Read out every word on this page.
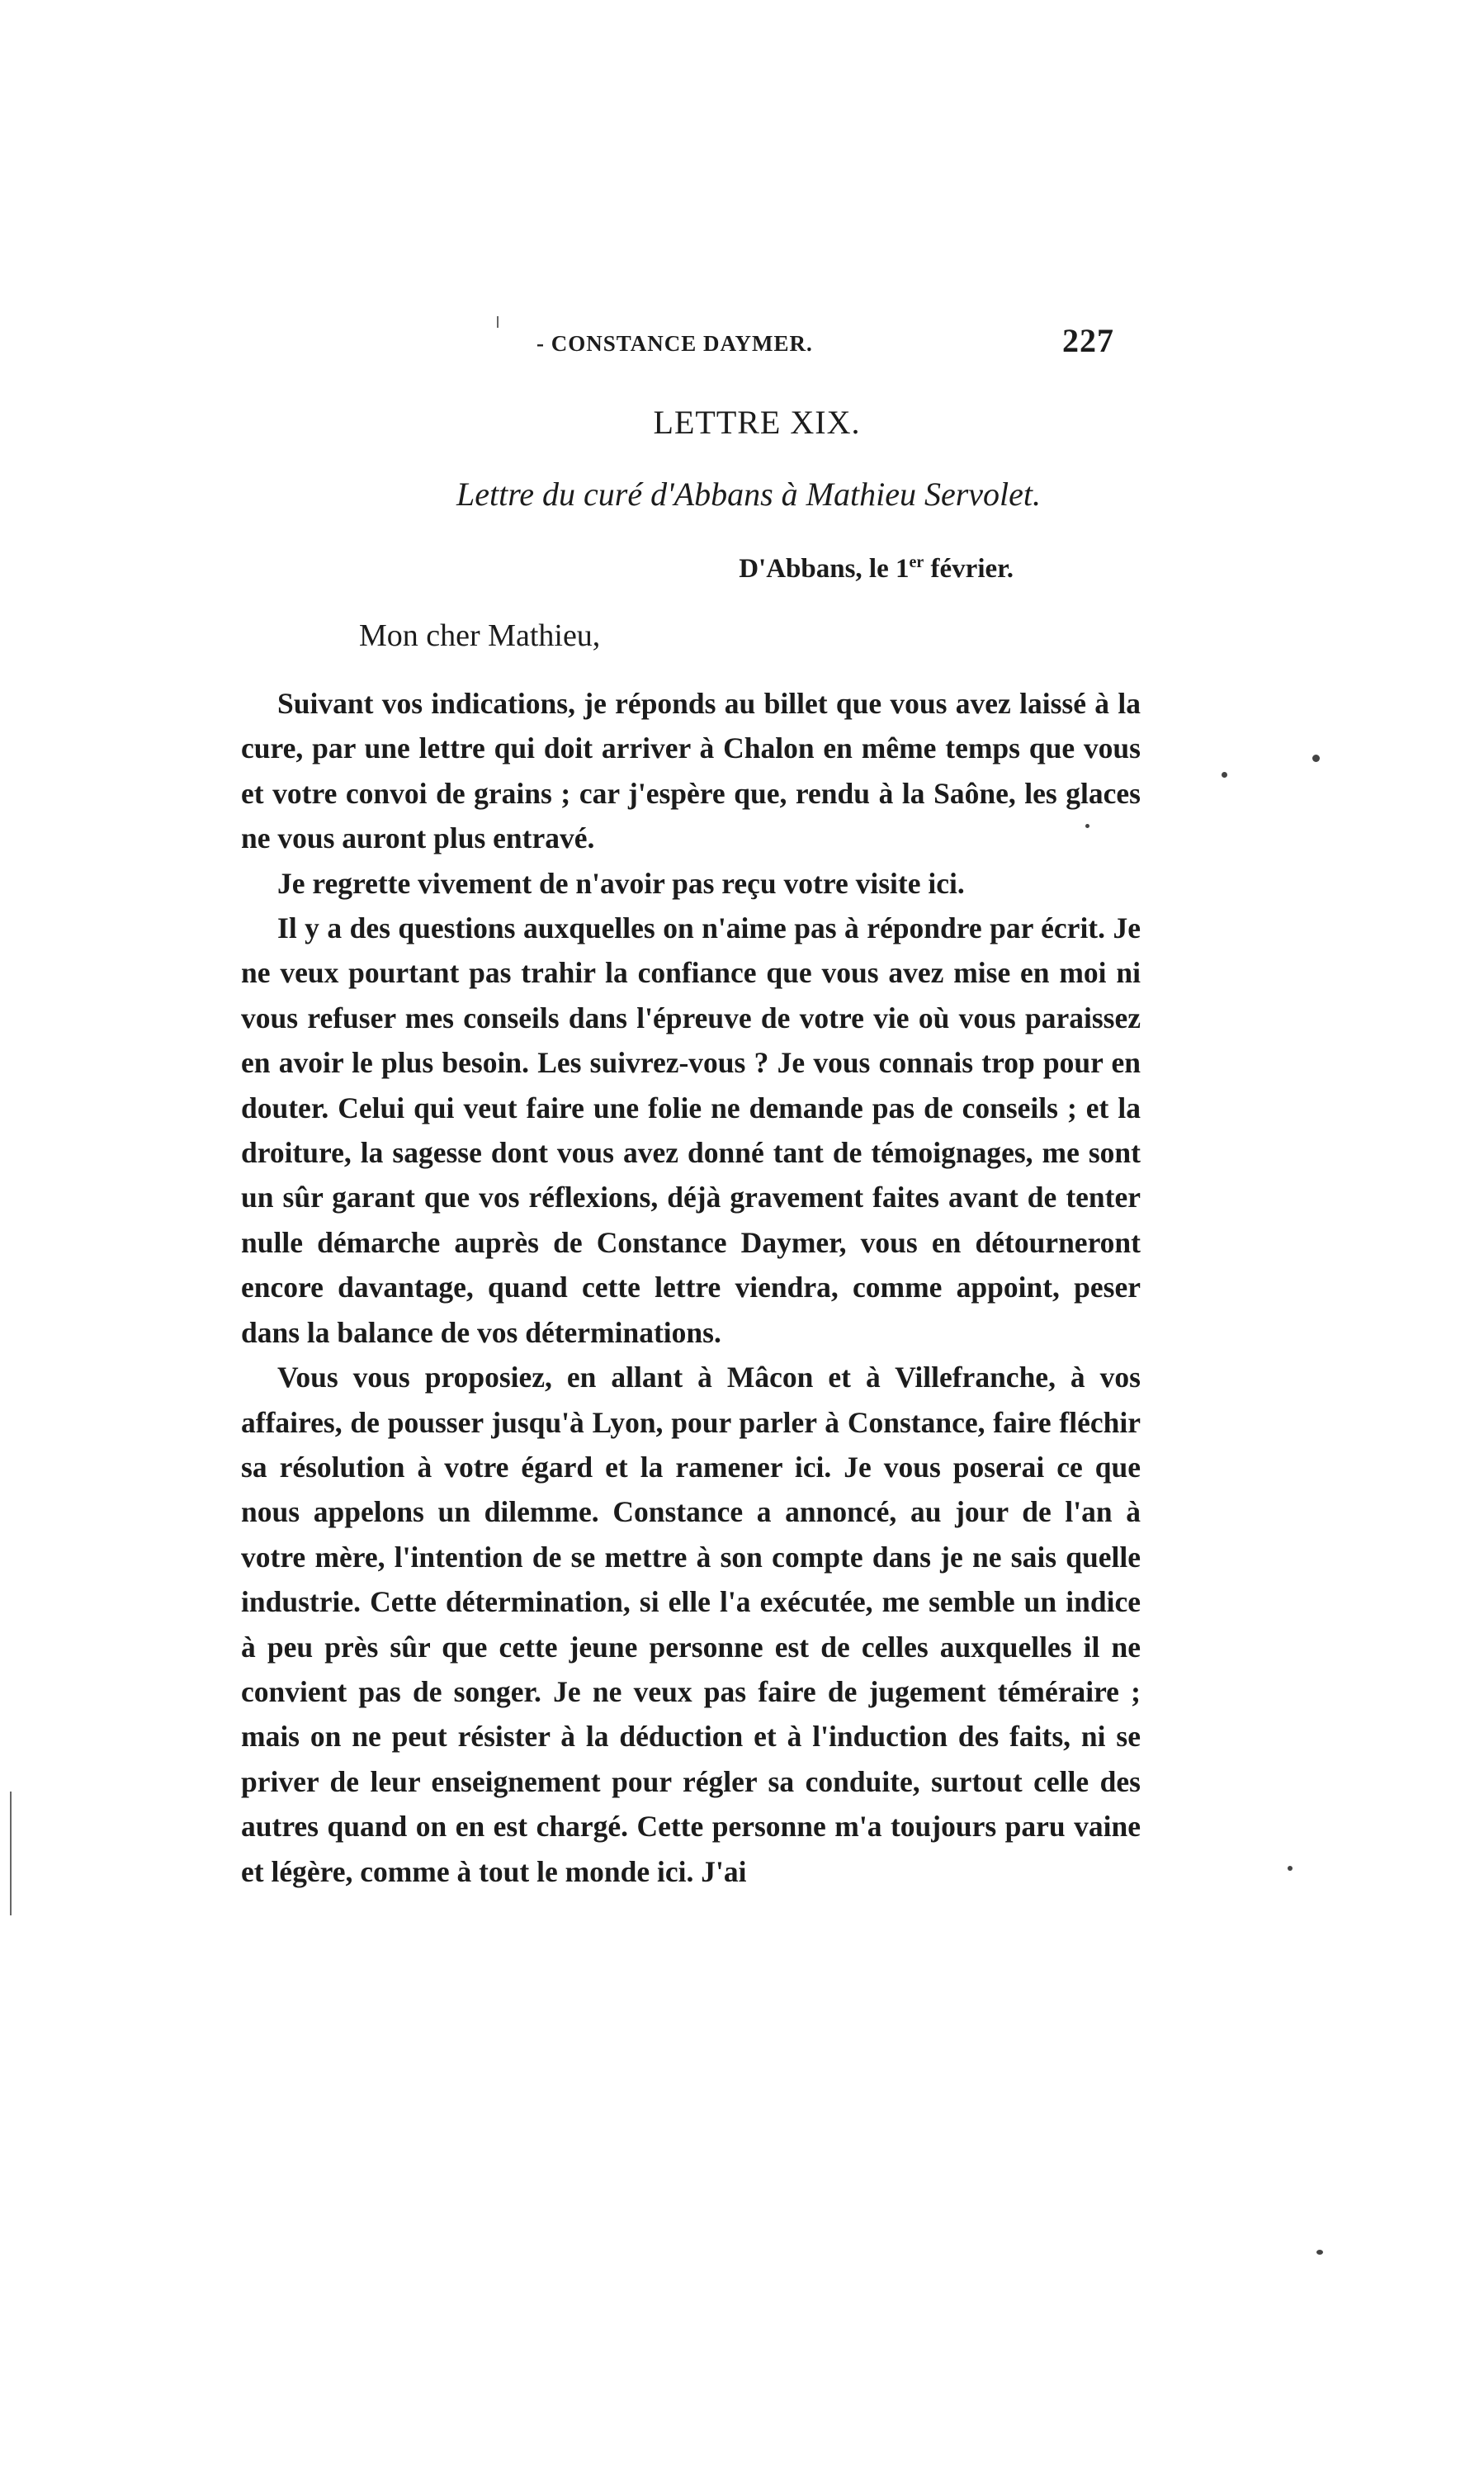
- CONSTANCE DAYMER.	227
LETTRE XIX.
Lettre du curé d'Abbans à Mathieu Servolet.
D'Abbans, le 1er février.
Mon cher Mathieu,

Suivant vos indications, je réponds au billet que vous avez laissé à la cure, par une lettre qui doit arriver à Chalon en même temps que vous et votre convoi de grains ; car j'espère que, rendu à la Saône, les glaces ne vous auront plus entravé.

Je regrette vivement de n'avoir pas reçu votre visite ici.

Il y a des questions auxquelles on n'aime pas à répondre par écrit. Je ne veux pourtant pas trahir la confiance que vous avez mise en moi ni vous refuser mes conseils dans l'épreuve de votre vie où vous paraissez en avoir le plus besoin. Les suivrez-vous ? Je vous connais trop pour en douter. Celui qui veut faire une folie ne demande pas de conseils ; et la droiture, la sagesse dont vous avez donné tant de témoignages, me sont un sûr garant que vos réflexions, déjà gravement faites avant de tenter nulle démarche auprès de Constance Daymer, vous en détourneront encore davantage, quand cette lettre viendra, comme appoint, peser dans la balance de vos déterminations.

Vous vous proposiez, en allant à Mâcon et à Villefranche, à vos affaires, de pousser jusqu'à Lyon, pour parler à Constance, faire fléchir sa résolution à votre égard et la ramener ici. Je vous poserai ce que nous appelons un dilemme. Constance a annoncé, au jour de l'an à votre mère, l'intention de se mettre à son compte dans je ne sais quelle industrie. Cette détermination, si elle l'a exécutée, me semble un indice à peu près sûr que cette jeune personne est de celles auxquelles il ne convient pas de songer. Je ne veux pas faire de jugement téméraire ; mais on ne peut résister à la déduction et à l'induction des faits, ni se priver de leur enseignement pour régler sa conduite, surtout celle des autres quand on en est chargé. Cette personne m'a toujours paru vaine et légère, comme à tout le monde ici. J'ai
